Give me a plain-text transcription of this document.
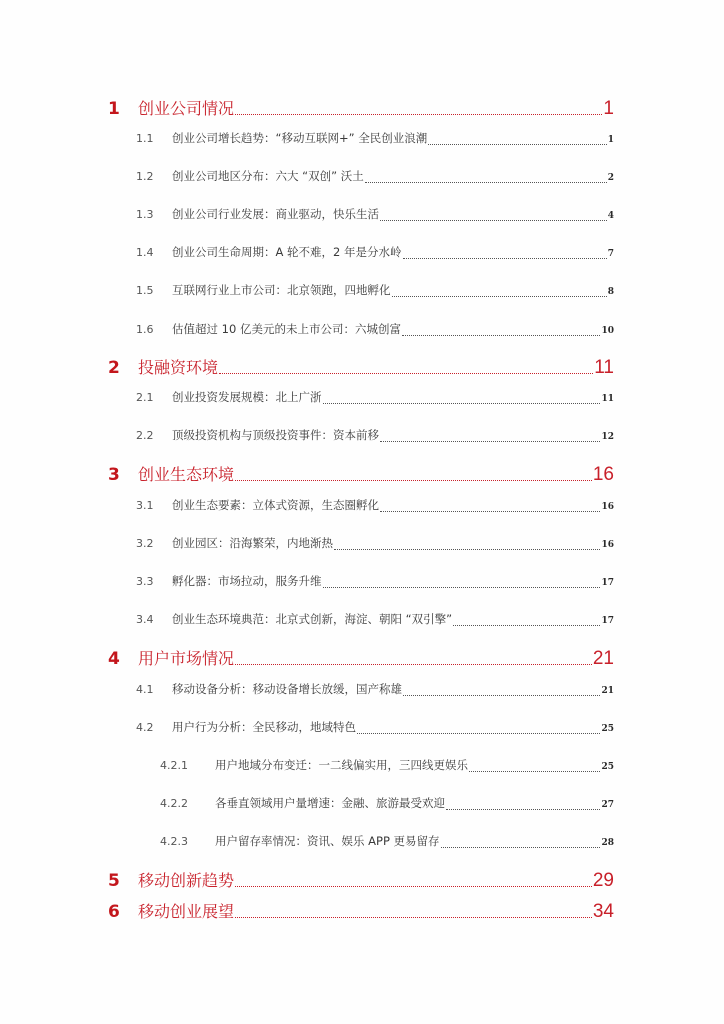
1	创业公司情况	1
1.1	创业公司增长趋势：“移动互联网+” 全民创业浪潮	1
1.2	创业公司地区分布：六大 “双创” 沃土	2
1.3	创业公司行业发展：商业驱动，快乐生活	4
1.4	创业公司生命周期：A 轮不难，2 年是分水岭	7
1.5	互联网行业上市公司：北京领跑，四地孵化	8
1.6	估值超过 10 亿美元的未上市公司：六城创富	10
2	投融资环境	11
2.1	创业投资发展规模：北上广浙	11
2.2	顶级投资机构与顶级投资事件：资本前移	12
3	创业生态环境	16
3.1	创业生态要素：立体式资源，生态圈孵化	16
3.2	创业园区：沿海繁荣，内地渐热	16
3.3	孵化器：市场拉动，服务升维	17
3.4	创业生态环境典范：北京式创新，海淀、朝阳 “双引擎”	17
4	用户市场情况	21
4.1	移动设备分析：移动设备增长放缓，国产称雄	21
4.2	用户行为分析：全民移动，地域特色	25
4.2.1	用户地域分布变迁：一二线偏实用，三四线更娱乐	25
4.2.2	各垂直领域用户量增速：金融、旅游最受欢迎	27
4.2.3	用户留存率情况：资讯、娱乐 APP 更易留存	28
5	移动创新趋势	29
6	移动创业展望	34
